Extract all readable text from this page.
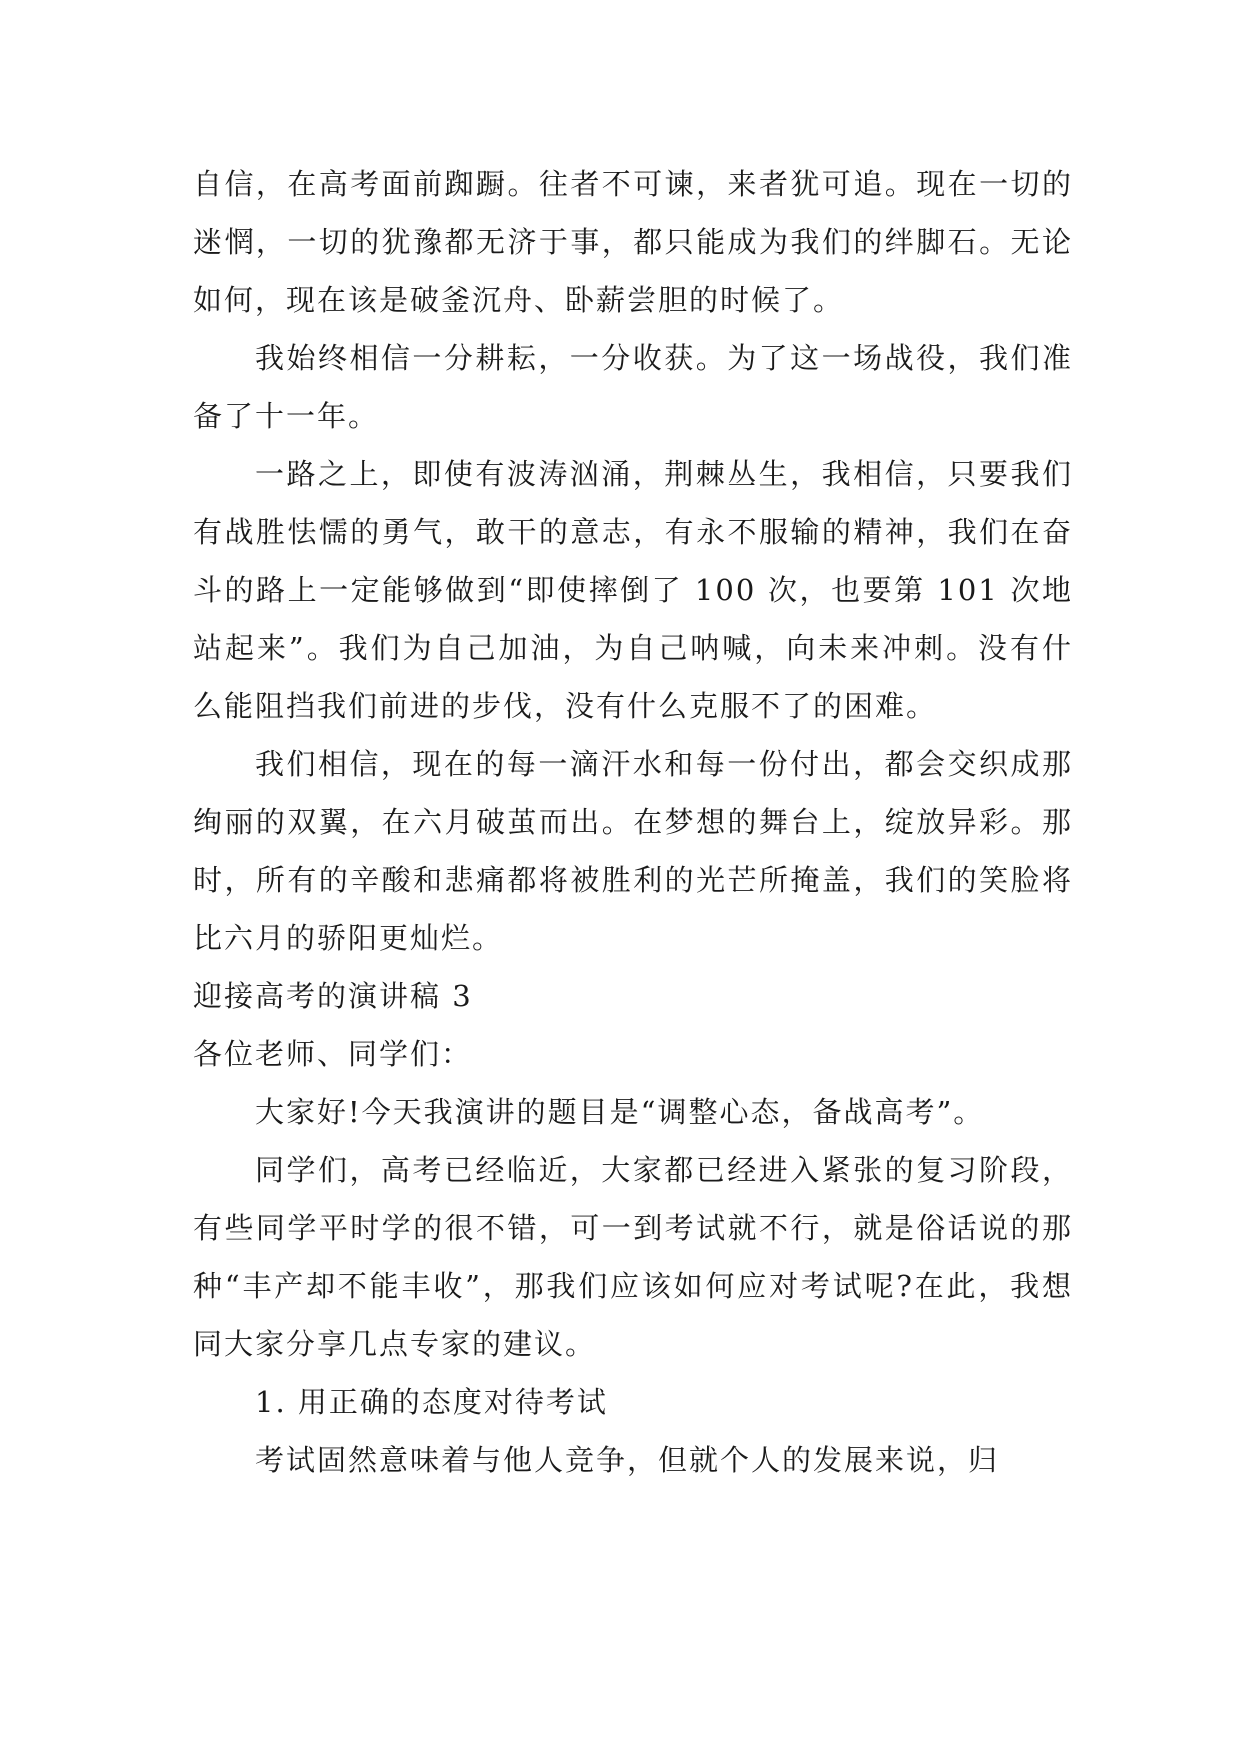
自信，在高考面前踟蹰。往者不可谏，来者犹可追。现在一切的迷惘，一切的犹豫都无济于事，都只能成为我们的绊脚石。无论如何，现在该是破釜沉舟、卧薪尝胆的时候了。

我始终相信一分耕耘，一分收获。为了这一场战役，我们准备了十一年。

一路之上，即使有波涛汹涌，荆棘丛生，我相信，只要我们有战胜怯懦的勇气，敢干的意志，有永不服输的精神，我们在奋斗的路上一定能够做到“即使摔倒了 100 次，也要第 101 次地站起来”。我们为自己加油，为自己呐喊，向未来冲刺。没有什么能阻挡我们前进的步伐，没有什么克服不了的困难。

我们相信，现在的每一滴汗水和每一份付出，都会交织成那绚丽的双翼，在六月破茧而出。在梦想的舞台上，绽放异彩。那时，所有的辛酸和悲痛都将被胜利的光芒所掩盖，我们的笑脸将比六月的骄阳更灿烂。

迎接高考的演讲稿 3

各位老师、同学们：

大家好!今天我演讲的题目是“调整心态，备战高考”。

同学们，高考已经临近，大家都已经进入紧张的复习阶段，有些同学平时学的很不错，可一到考试就不行，就是俗话说的那种“丰产却不能丰收”，那我们应该如何应对考试呢?在此，我想同大家分享几点专家的建议。

1. 用正确的态度对待考试

考试固然意味着与他人竞争，但就个人的发展来说，归
